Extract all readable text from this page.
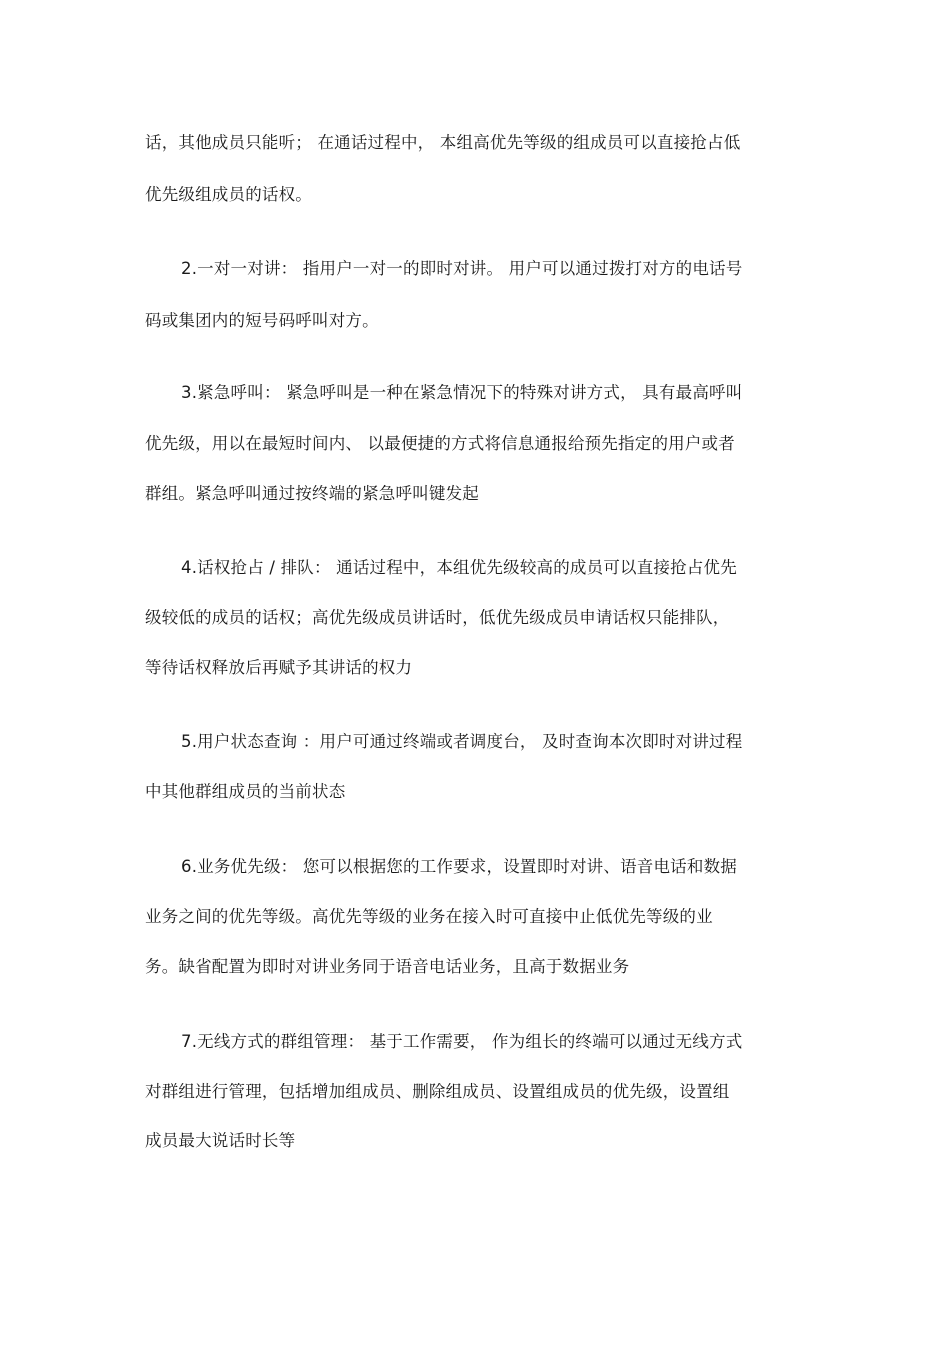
话，其他成员只能听； 在通话过程中， 本组高优先等级的组成员可以直接抢占低
优先级组成员的话权。
2.一对一对讲： 指用户一对一的即时对讲。 用户可以通过拨打对方的电话号
码或集团内的短号码呼叫对方。
3.紧急呼叫： 紧急呼叫是一种在紧急情况下的特殊对讲方式， 具有最高呼叫
优先级，用以在最短时间内、 以最便捷的方式将信息通报给预先指定的用户或者
群组。紧急呼叫通过按终端的紧急呼叫键发起
4.话权抢占 / 排队： 通话过程中，本组优先级较高的成员可以直接抢占优先
级较低的成员的话权；高优先级成员讲话时，低优先级成员申请话权只能排队，
等待话权释放后再赋予其讲话的权力
5.用户状态查询 ：用户可通过终端或者调度台， 及时查询本次即时对讲过程
中其他群组成员的当前状态
6.业务优先级： 您可以根据您的工作要求，设置即时对讲、语音电话和数据
业务之间的优先等级。高优先等级的业务在接入时可直接中止低优先等级的业
务。缺省配置为即时对讲业务同于语音电话业务，且高于数据业务
7.无线方式的群组管理： 基于工作需要， 作为组长的终端可以通过无线方式
对群组进行管理，包括增加组成员、删除组成员、设置组成员的优先级，设置组
成员最大说话时长等
